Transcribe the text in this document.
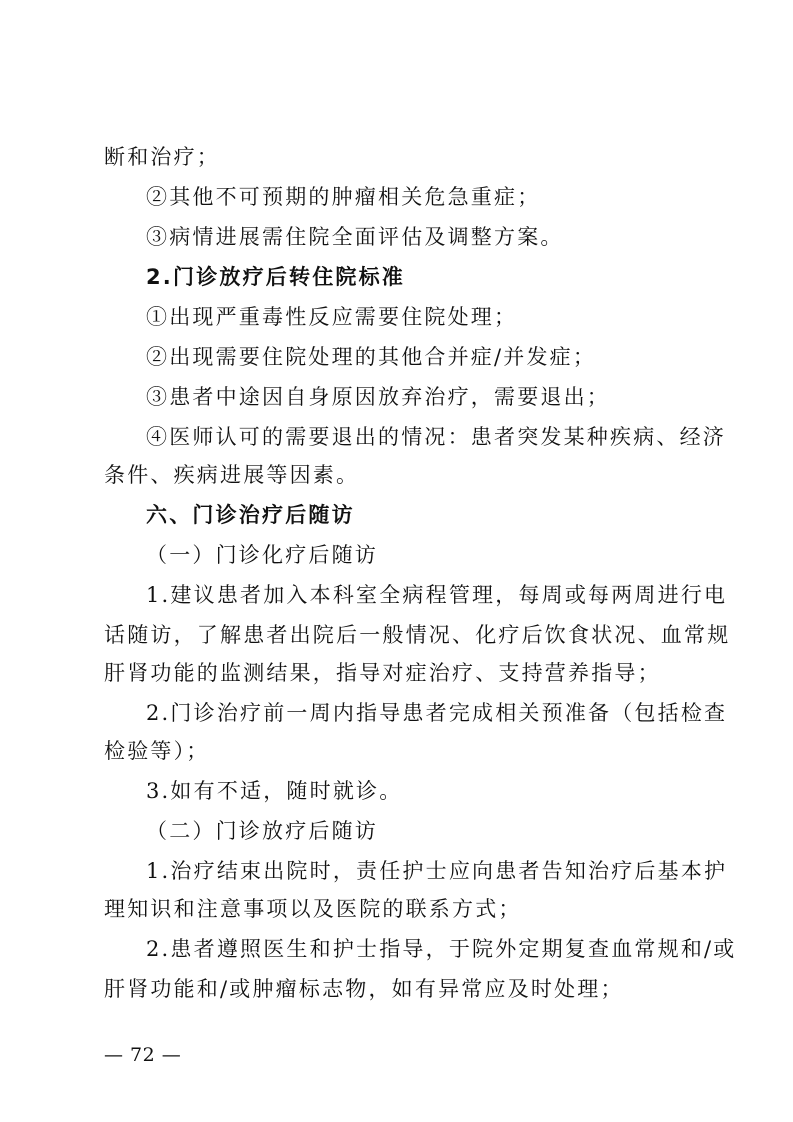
断和治疗；
②其他不可预期的肿瘤相关危急重症；
③病情进展需住院全面评估及调整方案。
2.门诊放疗后转住院标准
①出现严重毒性反应需要住院处理；
②出现需要住院处理的其他合并症/并发症；
③患者中途因自身原因放弃治疗，需要退出；
④医师认可的需要退出的情况：患者突发某种疾病、经济
条件、疾病进展等因素。
六、门诊治疗后随访
（一）门诊化疗后随访
1.建议患者加入本科室全病程管理，每周或每两周进行电
话随访，了解患者出院后一般情况、化疗后饮食状况、血常规
肝肾功能的监测结果，指导对症治疗、支持营养指导；
2.门诊治疗前一周内指导患者完成相关预准备（包括检查
检验等）；
3.如有不适，随时就诊。
（二）门诊放疗后随访
1.治疗结束出院时，责任护士应向患者告知治疗后基本护
理知识和注意事项以及医院的联系方式；
2.患者遵照医生和护士指导，于院外定期复查血常规和/或
肝肾功能和/或肿瘤标志物，如有异常应及时处理；
— 72 —
